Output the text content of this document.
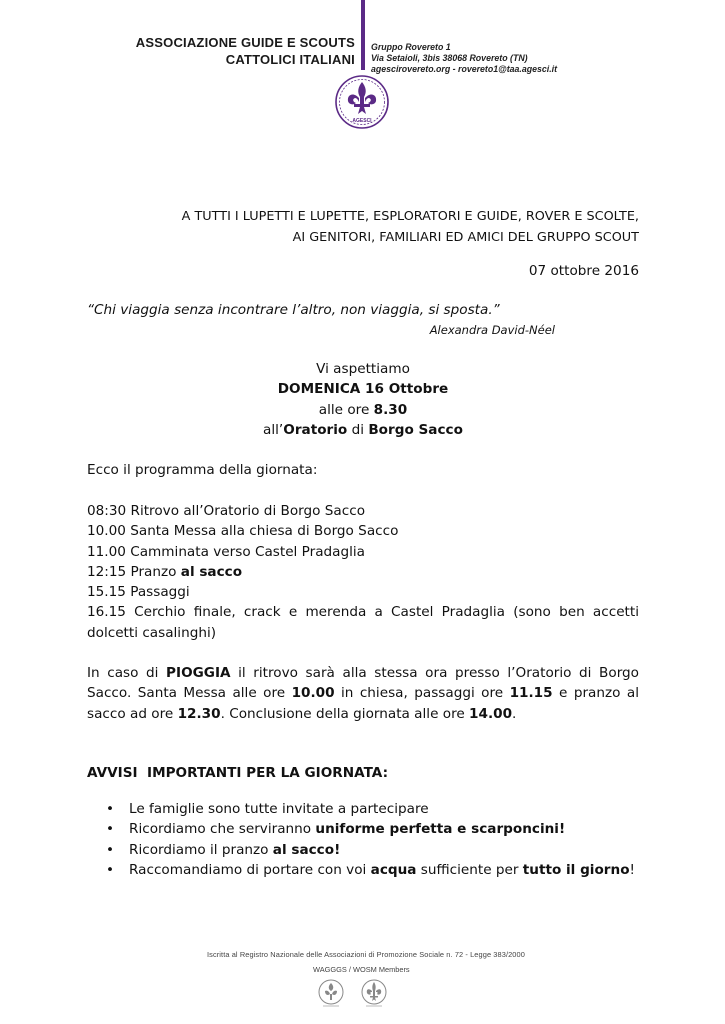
ASSOCIAZIONE GUIDE E SCOUTS
CATTOLICI ITALIANI
Gruppo Rovereto 1
Via Setaioli, 3bis 38068 Rovereto (TN)
agescirovereto.org - rovereto1@taa.agesci.it
AGESCI
A TUTTI I LUPETTI E LUPETTE, ESPLORATORI E GUIDE, ROVER E SCOLTE,
AI GENITORI, FAMILIARI ED AMICI DEL GRUPPO SCOUT
07 ottobre 2016
“Chi viaggia senza incontrare l’altro, non viaggia, si sposta.”
Alexandra David-Néel
Vi aspettiamo
DOMENICA 16 Ottobre
alle ore 8.30
all’Oratorio di Borgo Sacco
Ecco il programma della giornata:
08:30 Ritrovo all’Oratorio di Borgo Sacco
10.00 Santa Messa alla chiesa di Borgo Sacco
11.00 Camminata verso Castel Pradaglia
12:15 Pranzo al sacco
15.15 Passaggi
16.15 Cerchio finale, crack e merenda a Castel Pradaglia (sono ben accetti
dolcetti casalinghi)
In caso di PIOGGIA il ritrovo sarà alla stessa ora presso l’Oratorio di Borgo
Sacco. Santa Messa alle ore 10.00 in chiesa, passaggi ore 11.15 e pranzo al
sacco ad ore 12.30. Conclusione della giornata alle ore 14.00.
AVVISI  IMPORTANTI PER LA GIORNATA:
• Le famiglie sono tutte invitate a partecipare
• Ricordiamo che serviranno uniforme perfetta e scarponcini!
• Ricordiamo il pranzo al sacco!
• Raccomandiamo di portare con voi acqua sufficiente per tutto il giorno!
Iscritta al Registro Nazionale delle Associazioni di Promozione Sociale n. 72 - Legge 383/2000
WAGGGS / WOSM Members
